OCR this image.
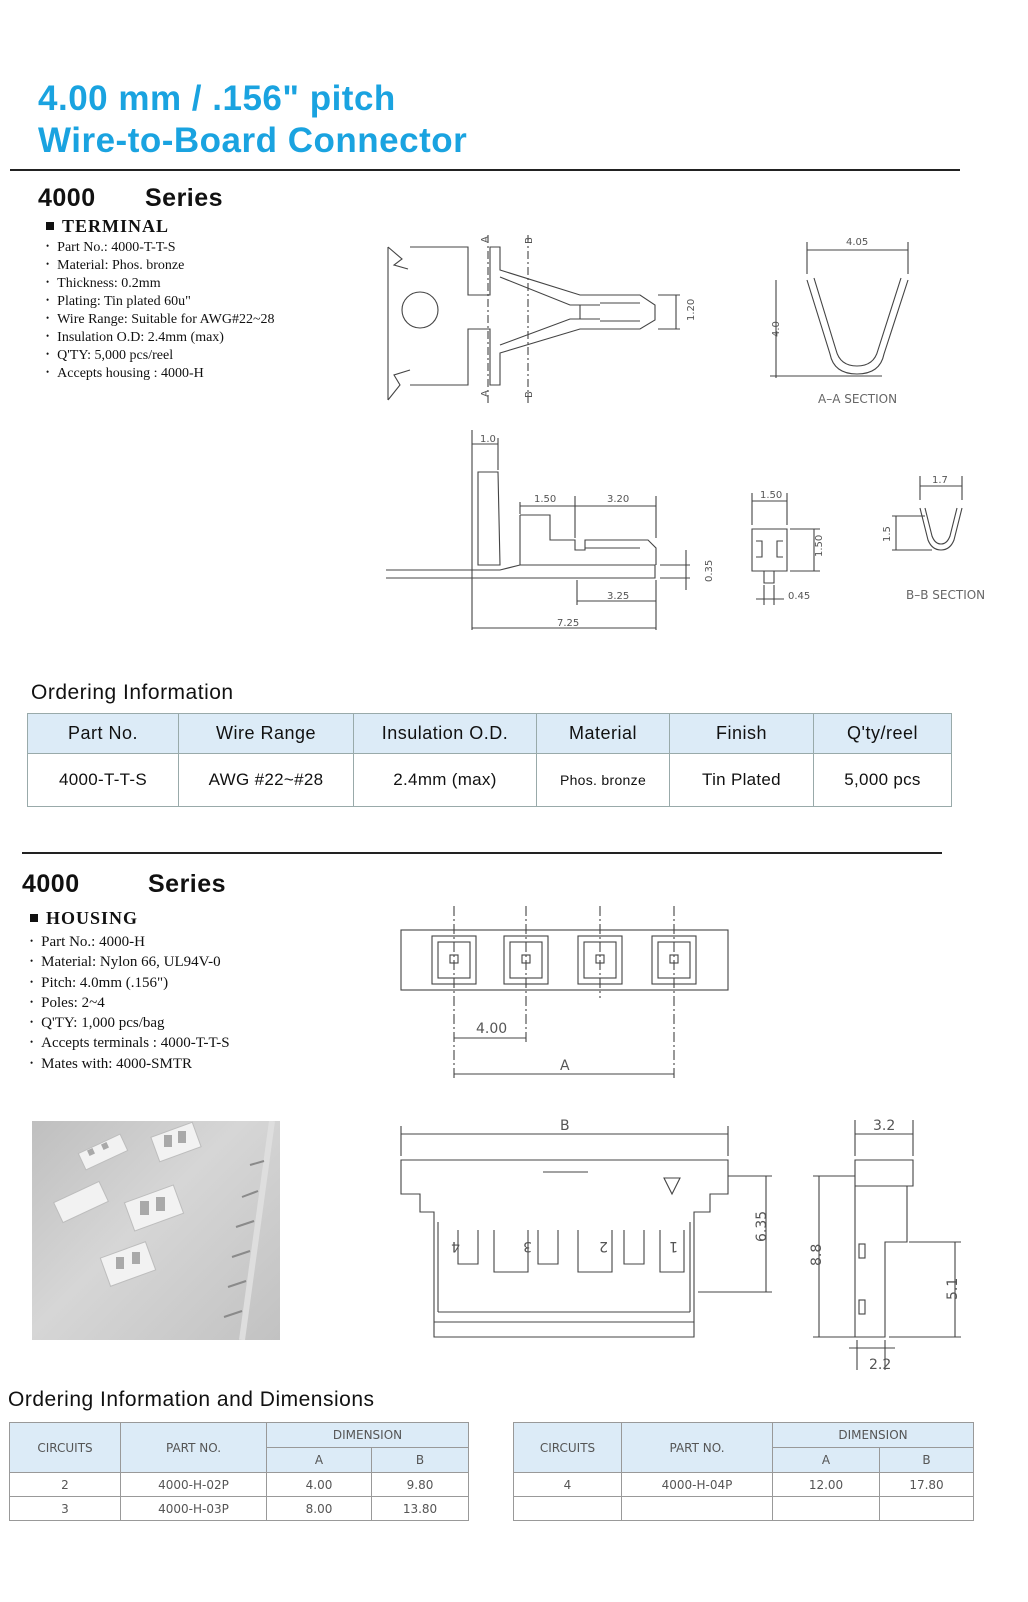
4.00 mm / .156" pitch
Wire-to-Board Connector
4000 Series
TERMINAL
• Part No.: 4000-T-T-S
• Material: Phos. bronze
• Thickness: 0.2mm
• Plating: Tin plated 60u"
• Wire Range: Suitable for AWG#22~28
• Insulation O.D: 2.4mm (max)
• Q'TY: 5,000 pcs/reel
• Accepts housing : 4000-H
A	B
A	B
1.20
4.05
4.0
A–A SECTION
1.0
1.50	3.20
0.35
3.25
7.25
1.50
1.50
0.45
1.7
1.5
B–B SECTION
Ordering Information
Part No.	Wire Range	Insulation O.D.	Material	Finish	Q'ty/reel
4000-T-T-S	AWG #22~#28	2.4mm (max)	Phos. bronze	Tin Plated	5,000 pcs
4000	Series
HOUSING
• Part No.: 4000-H
• Material: Nylon 66, UL94V-0
• Pitch: 4.0mm (.156")
• Poles: 2~4
• Q'TY: 1,000 pcs/bag
• Accepts terminals : 4000-T-T-S
• Mates with: 4000-SMTR
4.00
A
B
4	3	2	1
6.35
3.2
8.8
5.1
2.2
Ordering Information and Dimensions
CIRCUITS	PART NO.	DIMENSION	
		A	B
2	4000-H-02P	4.00	9.80
3	4000-H-03P	8.00	13.80
CIRCUITS	PART NO.	DIMENSION	
		A	B
4	4000-H-04P	12.00	17.80
